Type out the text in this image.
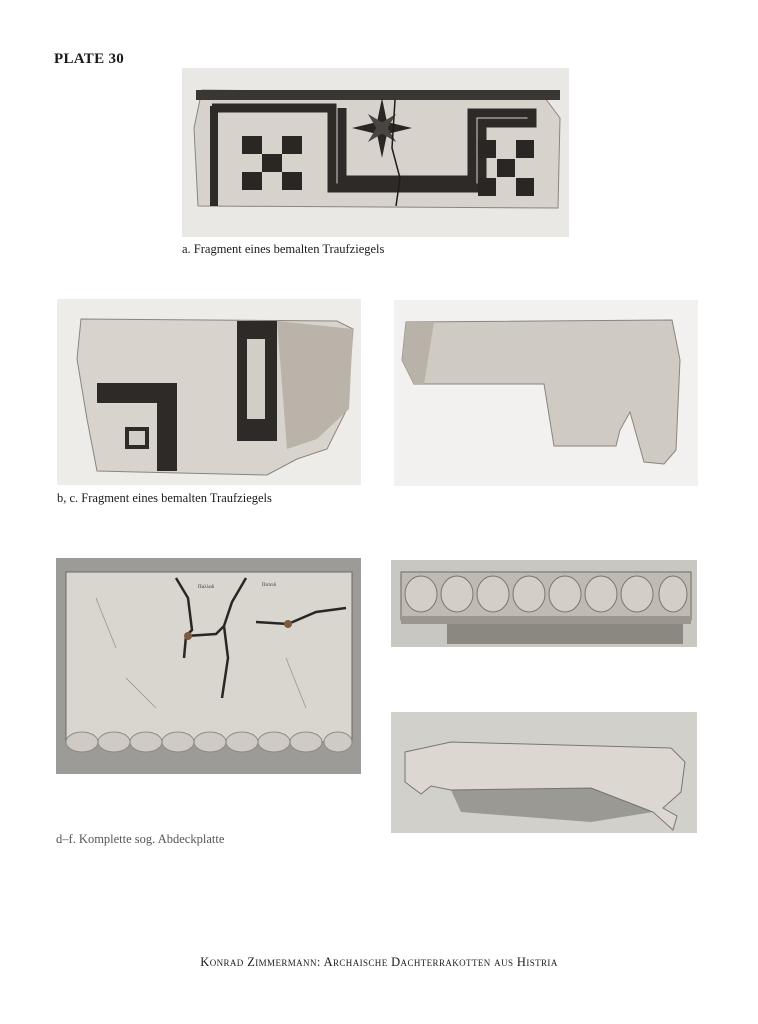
PLATE 30
a. Fragment eines bemalten Traufziegels
b, c. Fragment eines bemalten Traufziegels
Παλλαδ	Ποτειδ
d–f. Komplette sog. Abdeckplatte
Konrad Zimmermann: Archaische Dachterrakotten aus Histria
